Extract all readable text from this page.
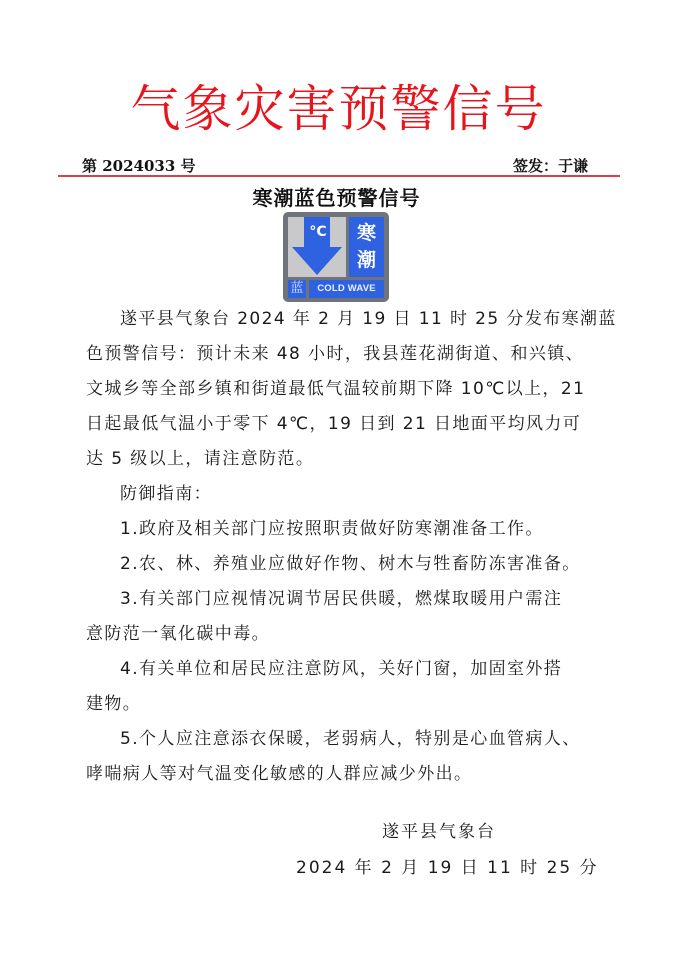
气象灾害预警信号
第 2024033 号	签发：于谦
寒潮蓝色预警信号
°C	寒
潮
蓝	COLD WAVE
遂平县气象台 2024 年 2 月 19 日 11 时 25 分发布寒潮蓝
色预警信号：预计未来 48 小时，我县莲花湖街道、和兴镇、
文城乡等全部乡镇和街道最低气温较前期下降 10℃以上，21
日起最低气温小于零下 4℃，19 日到 21 日地面平均风力可
达 5 级以上，请注意防范。
防御指南：
1.政府及相关部门应按照职责做好防寒潮准备工作。
2.农、林、养殖业应做好作物、树木与牲畜防冻害准备。
3.有关部门应视情况调节居民供暖，燃煤取暖用户需注
意防范一氧化碳中毒。
4.有关单位和居民应注意防风，关好门窗，加固室外搭
建物。
5.个人应注意添衣保暖，老弱病人，特别是心血管病人、
哮喘病人等对气温变化敏感的人群应减少外出。
遂平县气象台
2024 年 2 月 19 日 11 时 25 分
